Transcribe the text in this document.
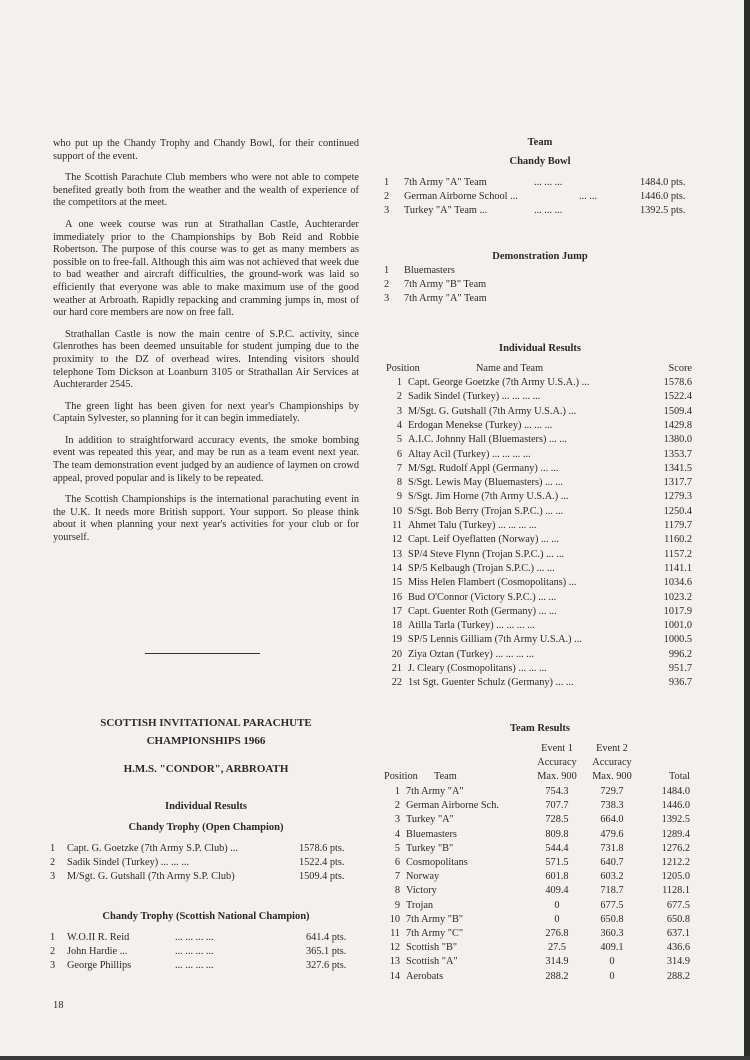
who put up the Chandy Trophy and Chandy Bowl, for their continued support of the event.

The Scottish Parachute Club members who were not able to compete benefited greatly both from the weather and the wealth of experience of the competitors at the meet.

A one week course was run at Strathallan Castle, Auchterarder immediately prior to the Championships by Bob Reid and Robbie Robertson. The purpose of this course was to get as many members as possible on to free-fall. Although this aim was not achieved that week due to bad weather and aircraft difficulties, the ground-work was laid so efficiently that everyone was able to make maximum use of the good weather at Arbroath. Rapidly repacking and cramming jumps in, most of our hard core members are now on free fall.

Strathallan Castle is now the main centre of S.P.C. activity, since Glenrothes has been deemed unsuitable for student jumping due to the proximity to the DZ of overhead wires. Intending visitors should telephone Tom Dickson at Loanburn 3105 or Strathallan Air Services at Auchterarder 2545.

The green light has been given for next year's Championships by Captain Sylvester, so planning for it can begin immediately.

In addition to straightforward accuracy events, the smoke bombing event was repeated this year, and may be run as a team event next year. The team demonstration event judged by an audience of laymen on crowd appeal, proved popular and is likely to be repeated.

The Scottish Championships is the international parachuting event in the U.K. It needs more British support. Your support. So please think about it when planning your next year's activities for your club or for yourself.

Team
Chandy Bowl
1 7th Army "A" Team	... ... ...	1484.0 pts.
2 German Airborne School ...	... ...	1446.0 pts.
3 Turkey "A" Team ...	... ... ...	1392.5 pts.
Demonstration Jump
1 Bluemasters
2 7th Army "B" Team
3 7th Army "A" Team
Individual Results
Position	Name and Team	Score
1 Capt. George Goetzke (7th Army U.S.A.) ...	1578.6
2 Sadik Sindel (Turkey) ... ... ... ...	1522.4
3 M/Sgt. G. Gutshall (7th Army U.S.A.) ...	1509.4
4 Erdogan Menekse (Turkey) ... ... ...	1429.8
5 A.I.C. Johnny Hall (Bluemasters) ... ...	1380.0
6 Altay Acil (Turkey) ... ... ... ...	1353.7
7 M/Sgt. Rudolf Appl (Germany) ... ...	1341.5
8 S/Sgt. Lewis May (Bluemasters) ... ...	1317.7
9 S/Sgt. Jim Horne (7th Army U.S.A.) ...	1279.3
10 S/Sgt. Bob Berry (Trojan S.P.C.) ... ...	1250.4
11 Ahmet Talu (Turkey) ... ... ... ...	1179.7
12 Capt. Leif Oyeflatten (Norway) ... ...	1160.2
13 SP/4 Steve Flynn (Trojan S.P.C.) ... ...	1157.2
14 SP/5 Kelbaugh (Trojan S.P.C.) ... ...	1141.1
15 Miss Helen Flambert (Cosmopolitans) ...	1034.6
16 Bud O'Connor (Victory S.P.C.) ... ...	1023.2
17 Capt. Guenter Roth (Germany) ... ...	1017.9
18 Atilla Tarla (Turkey) ... ... ... ...	1001.0
19 SP/5 Lennis Gilliam (7th Army U.S.A.) ...	1000.5
20 Ziya Oztan (Turkey) ... ... ... ...	996.2
21 J. Cleary (Cosmopolitans) ... ... ...	951.7
22 1st Sgt. Guenter Schulz (Germany) ... ...	936.7
SCOTTISH INVITATIONAL PARACHUTE
CHAMPIONSHIPS 1966
H.M.S. "CONDOR", ARBROATH
Individual Results
Chandy Trophy (Open Champion)
1 Capt. G. Goetzke (7th Army S.P. Club) ...	1578.6 pts.
2 Sadik Sindel (Turkey) ... ... ...	1522.4 pts.
3 M/Sgt. G. Gutshall (7th Army S.P. Club)	1509.4 pts.
Chandy Trophy (Scottish National Champion)
1 W.O.II R. Reid	... ... ... ...	641.4 pts.
2 John Hardie ...	... ... ... ...	365.1 pts.
3 George Phillips	... ... ... ...	327.6 pts.
Team Results
Event 1	Event 2
Accuracy	Accuracy
Position Team	Max. 900	Max. 900	Total
1 7th Army "A"	754.3	729.7	1484.0
2 German Airborne Sch.	707.7	738.3	1446.0
3 Turkey "A"	728.5	664.0	1392.5
4 Bluemasters	809.8	479.6	1289.4
5 Turkey "B"	544.4	731.8	1276.2
6 Cosmopolitans	571.5	640.7	1212.2
7 Norway	601.8	603.2	1205.0
8 Victory	409.4	718.7	1128.1
9 Trojan	0	677.5	677.5
10 7th Army "B"	0	650.8	650.8
11 7th Army "C"	276.8	360.3	637.1
12 Scottish "B"	27.5	409.1	436.6
13 Scottish "A"	314.9	0	314.9
14 Aerobats	288.2	0	288.2
18
